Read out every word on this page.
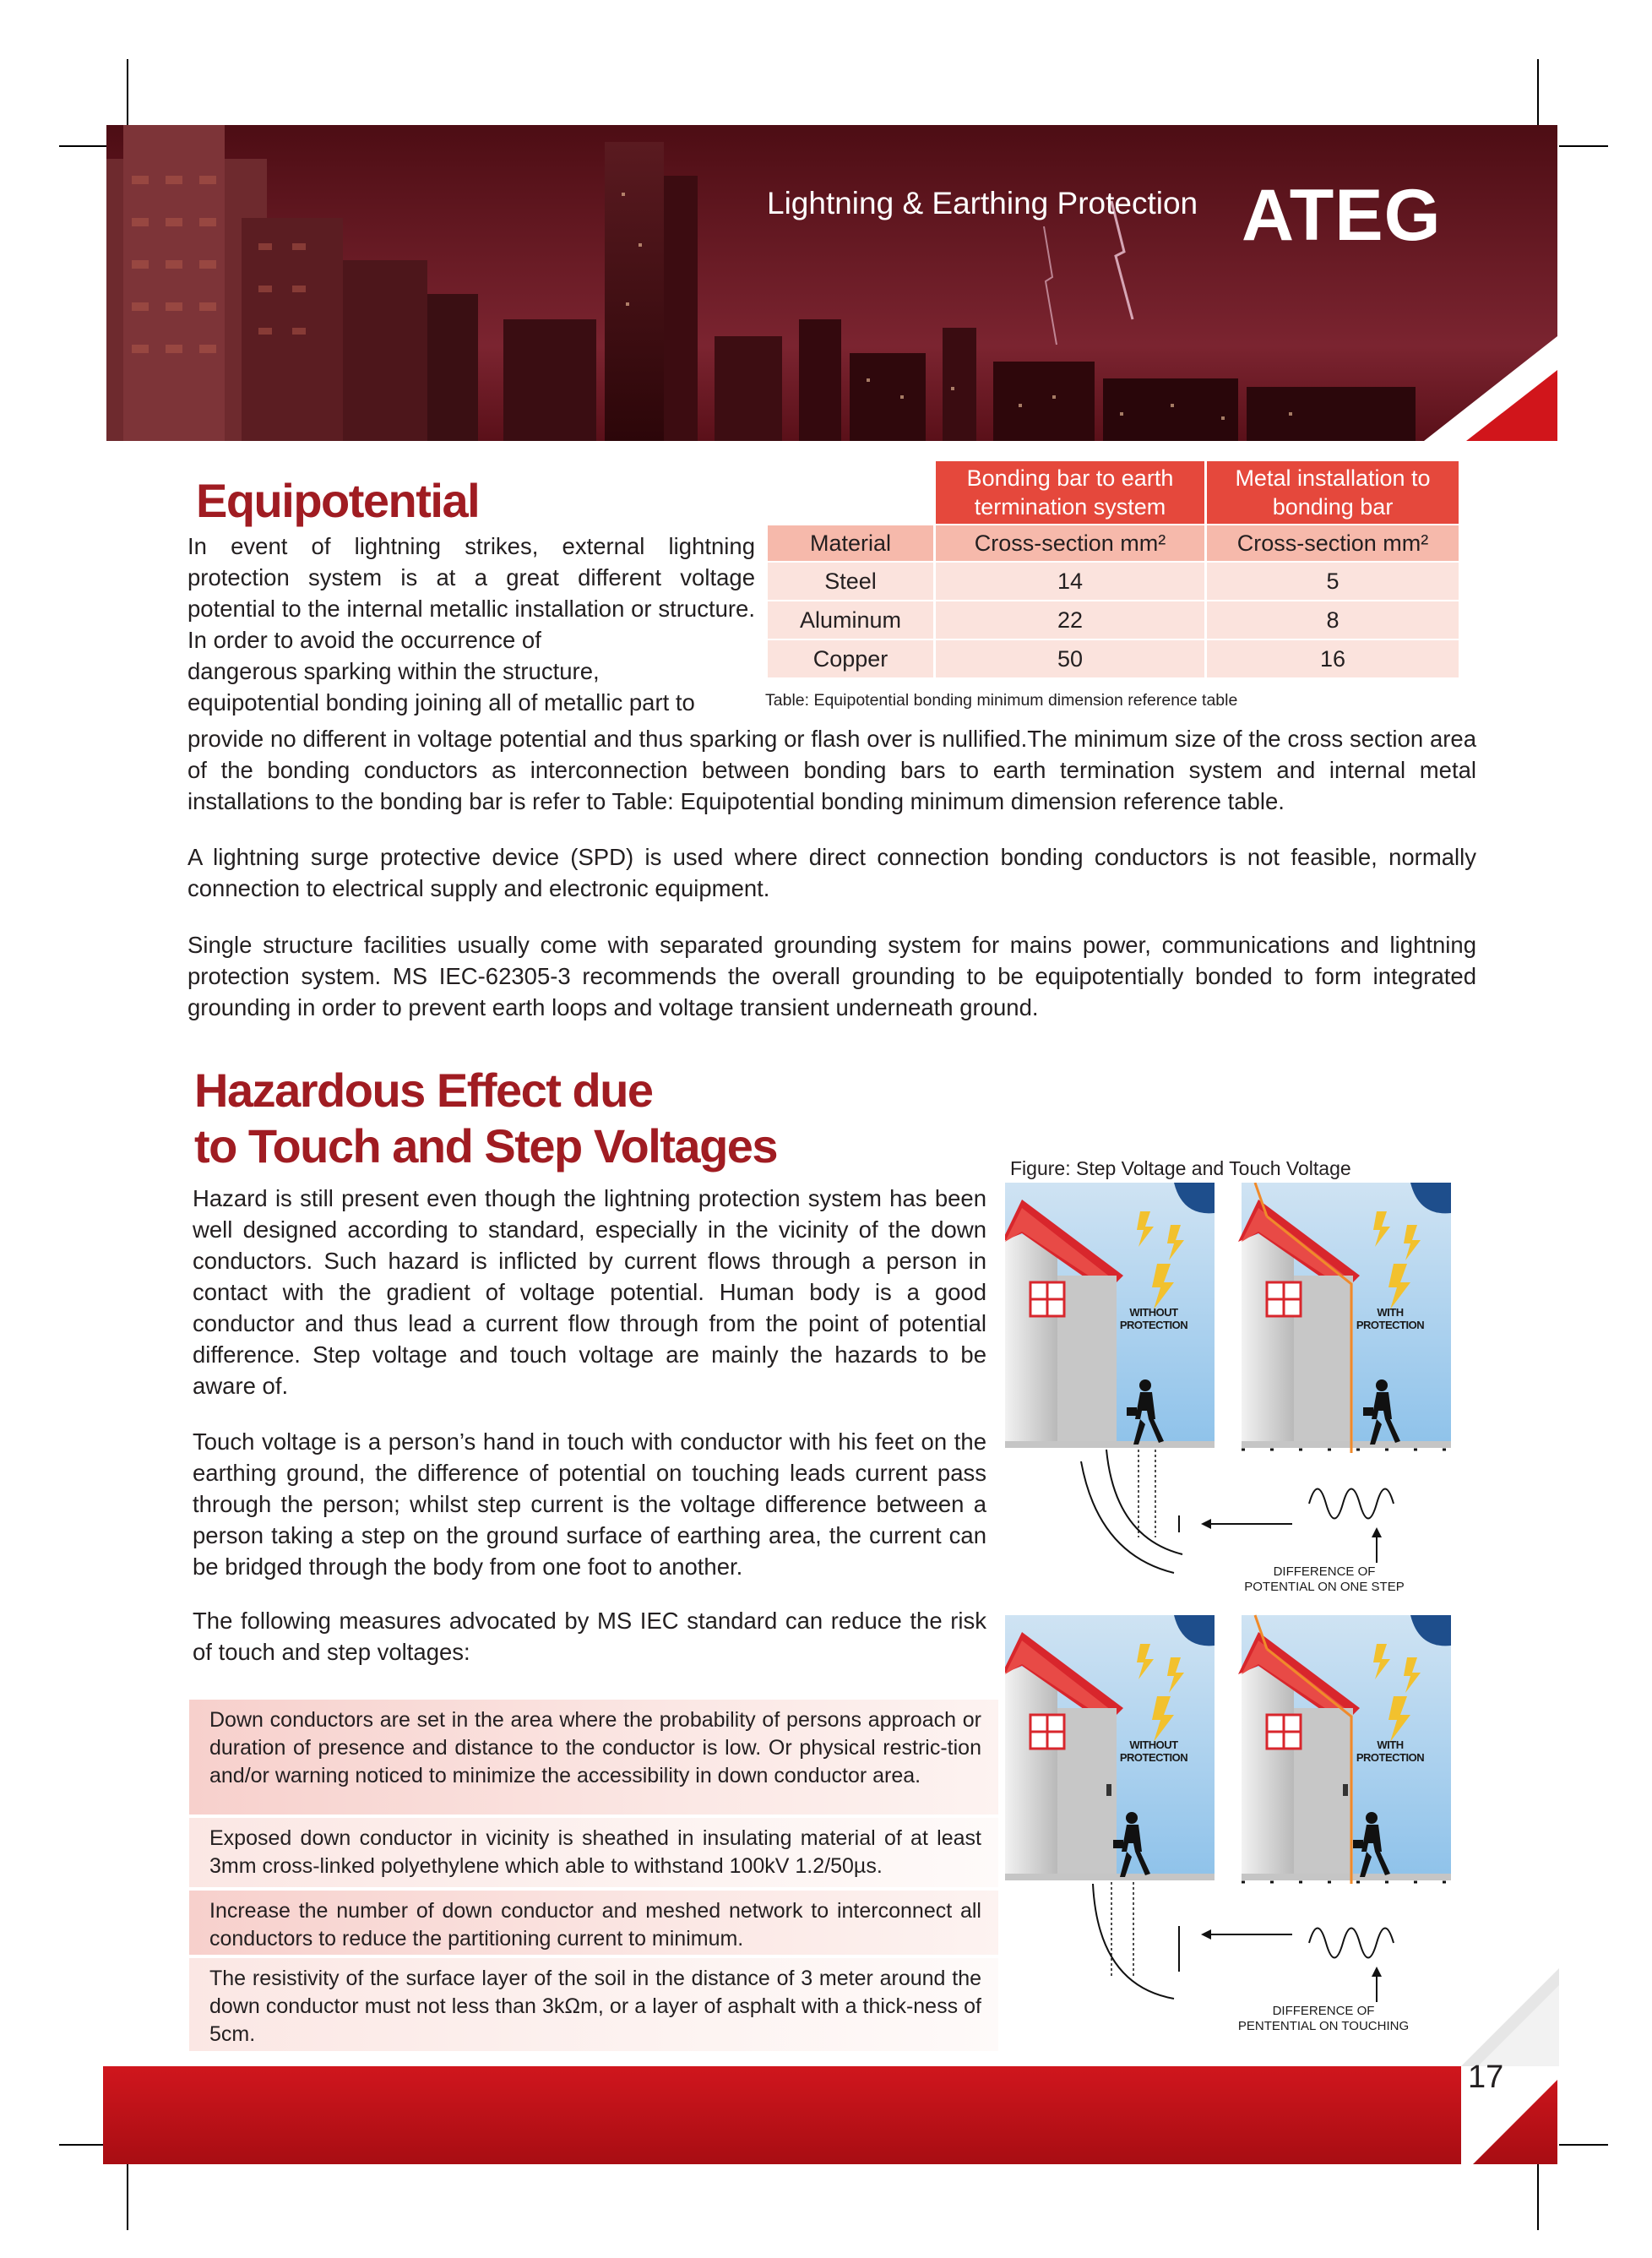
Lightning & Earthing Protection ATEG
Equipotential

In event of lightning strikes, external lightning protection system is at a great different voltage potential to the internal metallic installation or structure. In order to avoid the occurrence of

dangerous sparking within the structure,

equipotential bonding joining all of metallic part to

	Bonding bar to earth termination system	Metal installation to bonding bar
Material	Cross-section mm²	Cross-section mm²
Steel	14	5
Aluminum	22	8
Copper	50	16
Table: Equipotential bonding minimum dimension reference table

provide no different in voltage potential and thus sparking or flash over is nullified.The minimum size of the cross section area of the bonding conductors as interconnection between bonding bars to earth termination system and internal metal installations to the bonding bar is refer to Table: Equipotential bonding minimum dimension reference table.

A lightning surge protective device (SPD) is used where direct connection bonding conductors is not feasible, normally connection to electrical supply and electronic equipment.

Single structure facilities usually come with separated grounding system for mains power, communications and lightning protection system. MS IEC-62305-3 recommends the overall grounding to be equipotentially bonded to form integrated grounding in order to prevent earth loops and voltage transient underneath ground.

Hazardous Effect due
to Touch and Step Voltages

Hazard is still present even though the lightning protection system has been well designed according to standard, especially in the vicinity of the down conductors. Such hazard is inflicted by current flows through a person in contact with the gradient of voltage potential. Human body is a good conductor and thus lead a current flow through from the point of potential difference. Step voltage and touch voltage are mainly the hazards to be aware of.

Touch voltage is a person’s hand in touch with conductor with his feet on the earthing ground, the difference of potential on touching leads current pass through the person; whilst step current is the voltage difference between a person taking a step on the ground surface of earthing area, the current can be bridged through the body from one foot to another.

The following measures advocated by MS IEC standard can reduce the risk of touch and step voltages:

Down conductors are set in the area where the probability of persons approach or duration of presence and distance to the conductor is low. Or physical restric-tion and/or warning noticed to minimize the accessibility in down conductor area.
Exposed down conductor in vicinity is sheathed in insulating material of at least 3mm cross-linked polyethylene which able to withstand 100kV 1.2/50µs.
Increase the number of down conductor and meshed network to interconnect all conductors to reduce the partitioning current to minimum.
The resistivity of the surface layer of the soil in the distance of 3 meter around the down conductor must not less than 3kΩm, or a layer of asphalt with a thick-ness of 5cm.
Figure: Step Voltage and Touch Voltage
WITHOUT
PROTECTION
WITH
PROTECTION
WITHOUT
PROTECTION
WITH
PROTECTION
DIFFERENCE OF
POTENTIAL ON ONE STEP
DIFFERENCE OF
PENTENTIAL ON TOUCHING
17
